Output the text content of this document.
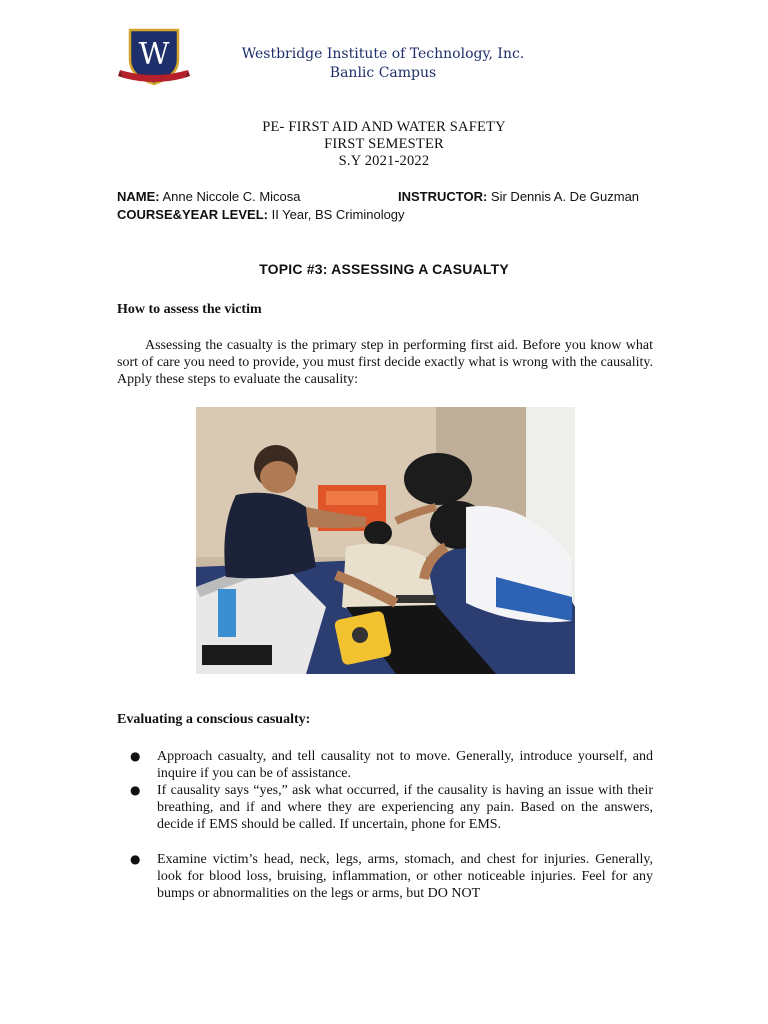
W	Westbridge Institute of Technology, Inc.
Banlic Campus
PE- FIRST AID AND WATER SAFETY
FIRST SEMESTER
S.Y 2021-2022
NAME: Anne Niccole C. Micosa	INSTRUCTOR: Sir Dennis A. De Guzman
COURSE&YEAR LEVEL: II Year, BS Criminology
TOPIC #3: ASSESSING A CASUALTY
How to assess the victim

Assessing the casualty is the primary step in performing first aid. Before you know what sort of care you need to provide, you must first decide exactly what is wrong with the causality. Apply these steps to evaluate the causality:

Evaluating a conscious casualty:
● Approach casualty, and tell causality not to move. Generally, introduce yourself, and inquire if you can be of assistance.
● If causality says “yes,” ask what occurred, if the causality is having an issue with their breathing, and if and where they are experiencing any pain. Based on the answers, decide if EMS should be called. If uncertain, phone for EMS.
● Examine victim’s head, neck, legs, arms, stomach, and chest for injuries. Generally, look for blood loss, bruising, inflammation, or other noticeable injuries. Feel for any bumps or abnormalities on the legs or arms, but DO NOT
